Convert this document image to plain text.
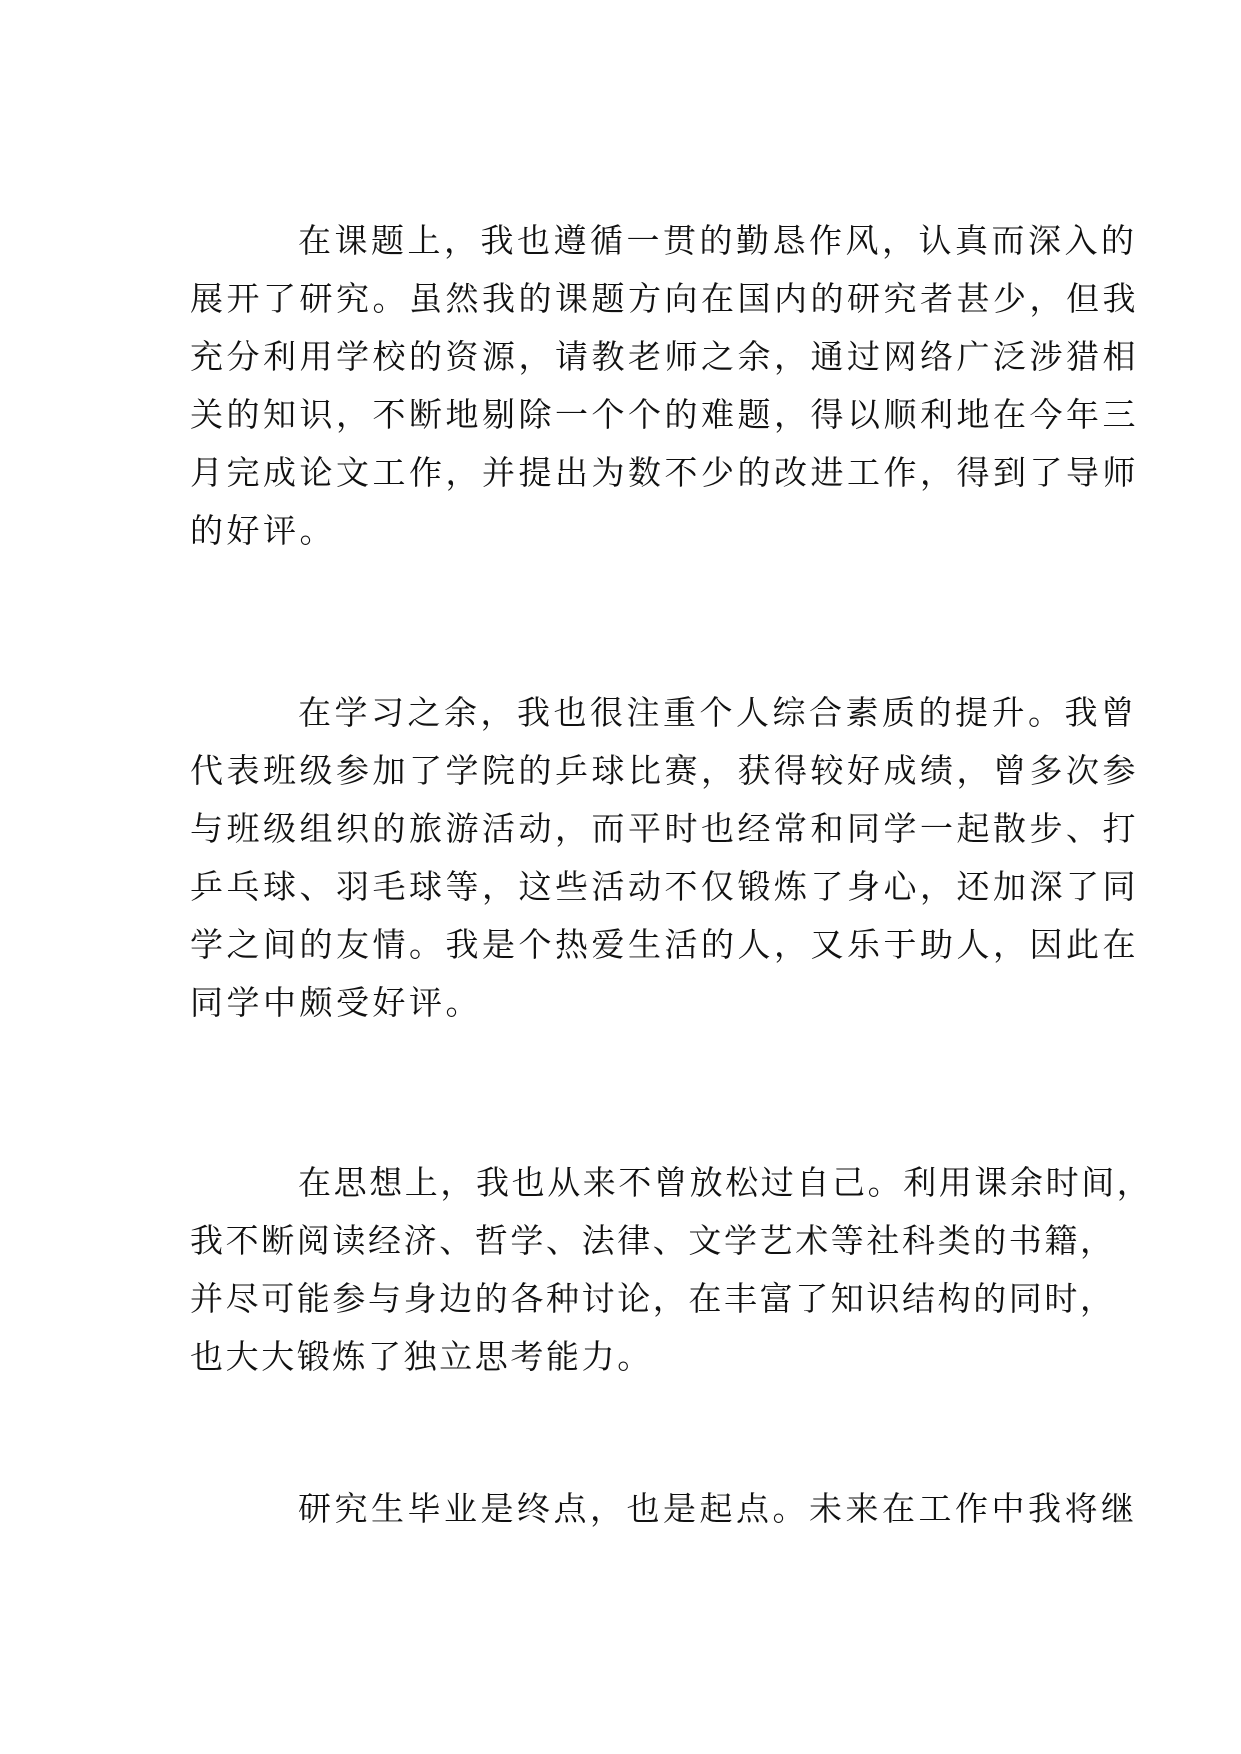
在课题上，我也遵循一贯的勤恳作风，认真而深入的
展开了研究。虽然我的课题方向在国内的研究者甚少，但我
充分利用学校的资源，请教老师之余，通过网络广泛涉猎相
关的知识，不断地剔除一个个的难题，得以顺利地在今年三
月完成论文工作，并提出为数不少的改进工作，得到了导师
的好评。

在学习之余，我也很注重个人综合素质的提升。我曾
代表班级参加了学院的乒球比赛，获得较好成绩，曾多次参
与班级组织的旅游活动，而平时也经常和同学一起散步、打
乒乓球、羽毛球等，这些活动不仅锻炼了身心，还加深了同
学之间的友情。我是个热爱生活的人，又乐于助人，因此在
同学中颇受好评。

在思想上，我也从来不曾放松过自己。利用课余时间，
我不断阅读经济、哲学、法律、文学艺术等社科类的书籍，
并尽可能参与身边的各种讨论，在丰富了知识结构的同时，
也大大锻炼了独立思考能力。

研究生毕业是终点，也是起点。未来在工作中我将继
